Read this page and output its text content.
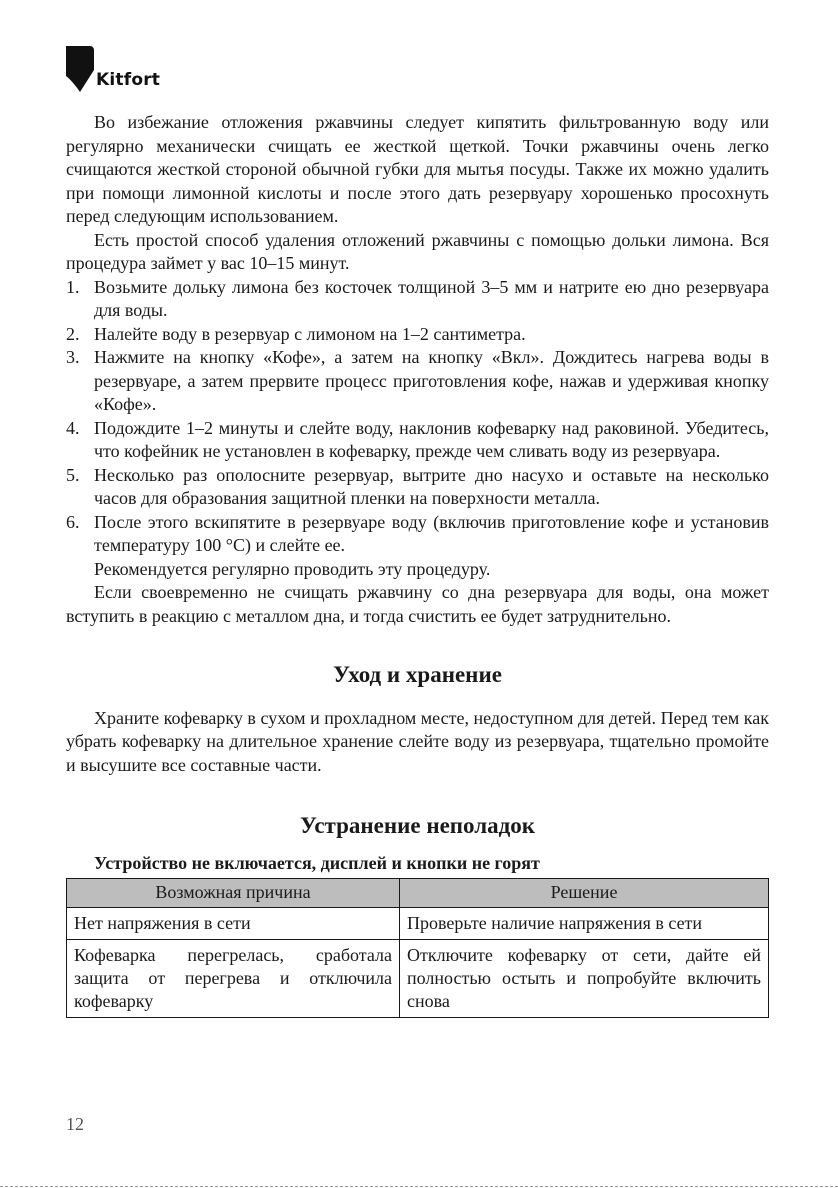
Kitfort

Во избежание отложения ржавчины следует кипятить фильтрованную воду или регулярно механически счищать ее жесткой щеткой. Точки ржавчины очень легко счищаются жесткой стороной обычной губки для мытья посуды. Также их можно удалить при помощи лимонной кислоты и после этого дать резервуару хорошенько просохнуть перед следующим использованием.

Есть простой способ удаления отложений ржавчины с помощью дольки лимона. Вся процедура займет у вас 10–15 минут.

1. Возьмите дольку лимона без косточек толщиной 3–5 мм и натрите ею дно резервуара для воды.
2. Налейте воду в резервуар с лимоном на 1–2 сантиметра.
3. Нажмите на кнопку «Кофе», а затем на кнопку «Вкл». Дождитесь нагрева воды в резервуаре, а затем прервите процесс приготовления кофе, нажав и удерживая кнопку «Кофе».
4. Подождите 1–2 минуты и слейте воду, наклонив кофеварку над раковиной. Убедитесь, что кофейник не установлен в кофеварку, прежде чем сливать воду из резервуара.
5. Несколько раз ополосните резервуар, вытрите дно насухо и оставьте на несколько часов для образования защитной пленки на поверхности металла.
6. После этого вскипятите в резервуаре воду (включив приготовление кофе и установив температуру 100 °C) и слейте ее.

Рекомендуется регулярно проводить эту процедуру.

Если своевременно не счищать ржавчину со дна резервуара для воды, она может вступить в реакцию с металлом дна, и тогда счистить ее будет затруднительно.

Уход и хранение

Храните кофеварку в сухом и прохладном месте, недоступном для детей. Перед тем как убрать кофеварку на длительное хранение слейте воду из резервуара, тщательно промойте и высушите все составные части.

Устранение неполадок
Устройство не включается, дисплей и кнопки не горят
Возможная причина	Решение
Нет напряжения в сети	Проверьте наличие напряжения в сети
Кофеварка перегрелась, сработала защита от перегрева и отключила кофеварку	Отключите кофеварку от сети, дайте ей полностью остыть и попробуйте включить снова
12
